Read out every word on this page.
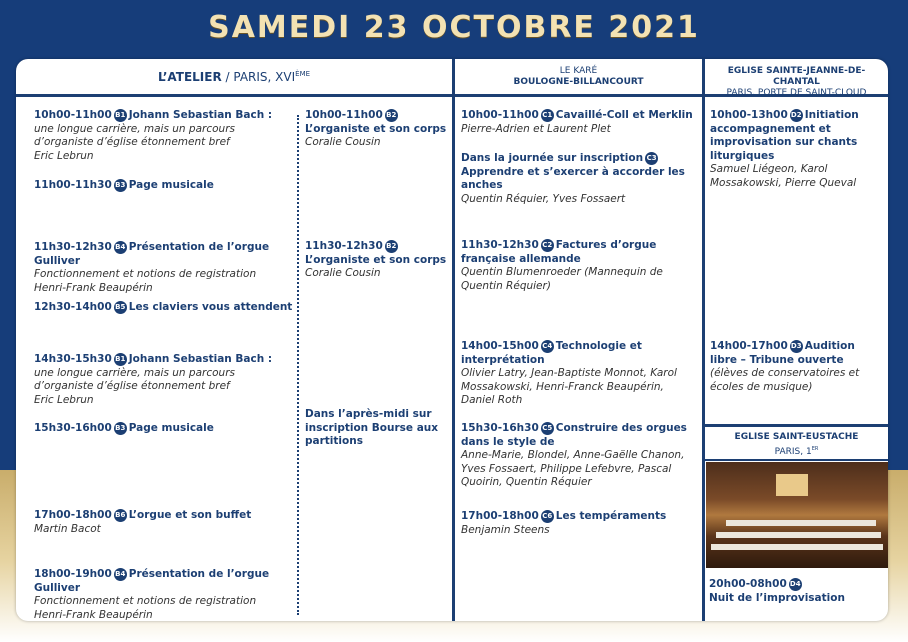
SAMEDI 23 OCTOBRE 2021
L’ATELIER / PARIS, XVIÈME	LE KARÉ
BOULOGNE-BILLANCOURT
EGLISE SAINTE-JEANNE-DE-CHANTAL
PARIS, PORTE DE SAINT-CLOUD
EGLISE SAINT-EUSTACHE
PARIS, 1ER
20h00-08h00 D4
Nuit de l’improvisation
10h00-11h00 B1 Johann Sebastian Bach :
une longue carrière, mais un parcours d’organiste d’église étonnement bref
Eric Lebrun
11h00-11h30 B3 Page musicale
11h30-12h30 B4 Présentation de l’orgue Gulliver
Fonctionnement et notions de registration
Henri-Frank Beaupérin
12h30-14h00 B5 Les claviers vous attendent
14h30-15h30 B1 Johann Sebastian Bach :
une longue carrière, mais un parcours d’organiste d’église étonnement bref
Eric Lebrun
15h30-16h00 B3 Page musicale
17h00-18h00 B6 L’orgue et son buffet
Martin Bacot
18h00-19h00 B4 Présentation de l’orgue Gulliver
Fonctionnement et notions de registration
Henri-Frank Beaupérin
10h00-11h00 B2L’organiste et son corps
Coralie Cousin
11h30-12h30 B2L’organiste et son corps
Coralie Cousin
Dans l’après-midi sur inscription Bourse aux partitions
10h00-11h00 C1 Cavaillé-Coll et Merklin
Pierre-Adrien et Laurent Plet
Dans la journée sur inscription C3Apprendre et s’exercer à accorder les anches
Quentin Réquier, Yves Fossaert
11h30-12h30 C2 Factures d’orgue française allemande
Quentin Blumenroeder (Mannequin de Quentin Réquier)
14h00-15h00 C4 Technologie et interprétation
Olivier Latry, Jean-Baptiste Monnot, Karol Mossakowski, Henri-Franck Beaupérin, Daniel Roth
15h30-16h30 C5 Construire des orgues dans le style de
Anne-Marie, Blondel, Anne-Gaëlle Chanon, Yves Fossaert, Philippe Lefebvre, Pascal Quoirin, Quentin Réquier
17h00-18h00 C6 Les tempéraments
Benjamin Steens
10h00-13h00 D2 Initiation accompagnement et improvisation sur chants liturgiques
Samuel Liégeon, Karol Mossakowski, Pierre Queval
14h00-17h00 D3 Audition libre – Tribune ouverte
(élèves de conservatoires et écoles de musique)
